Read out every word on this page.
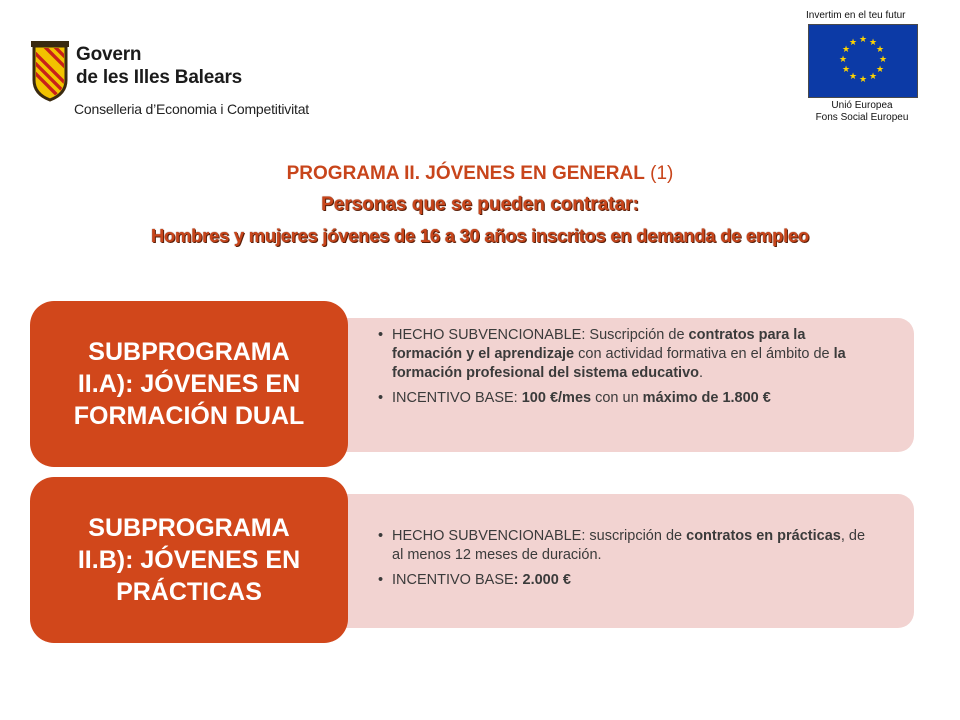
Govern
de les Illes Balears
Conselleria d’Economia i Competitivitat
Invertim en el teu futur
★ ★
★
★
★
★
★
★
★
★
★
★
Unió Europea
Fons Social Europeu
PROGRAMA II. JÓVENES EN GENERAL (1)
Personas que se pueden contratar:
Hombres y mujeres jóvenes de 16 a 30 años inscritos en demanda de empleo
SUBPROGRAMA
II.A): JÓVENES EN
FORMACIÓN DUAL
• HECHO SUBVENCIONABLE: Suscripción de contratos para la formación y el aprendizaje con actividad formativa en el ámbito de la formación profesional del sistema educativo.
• INCENTIVO BASE: 100 €/mes con un máximo de 1.800 €
SUBPROGRAMA
II.B): JÓVENES EN
PRÁCTICAS
• HECHO SUBVENCIONABLE: suscripción de contratos en prácticas, de al menos 12 meses de duración.
• INCENTIVO BASE: 2.000 €
